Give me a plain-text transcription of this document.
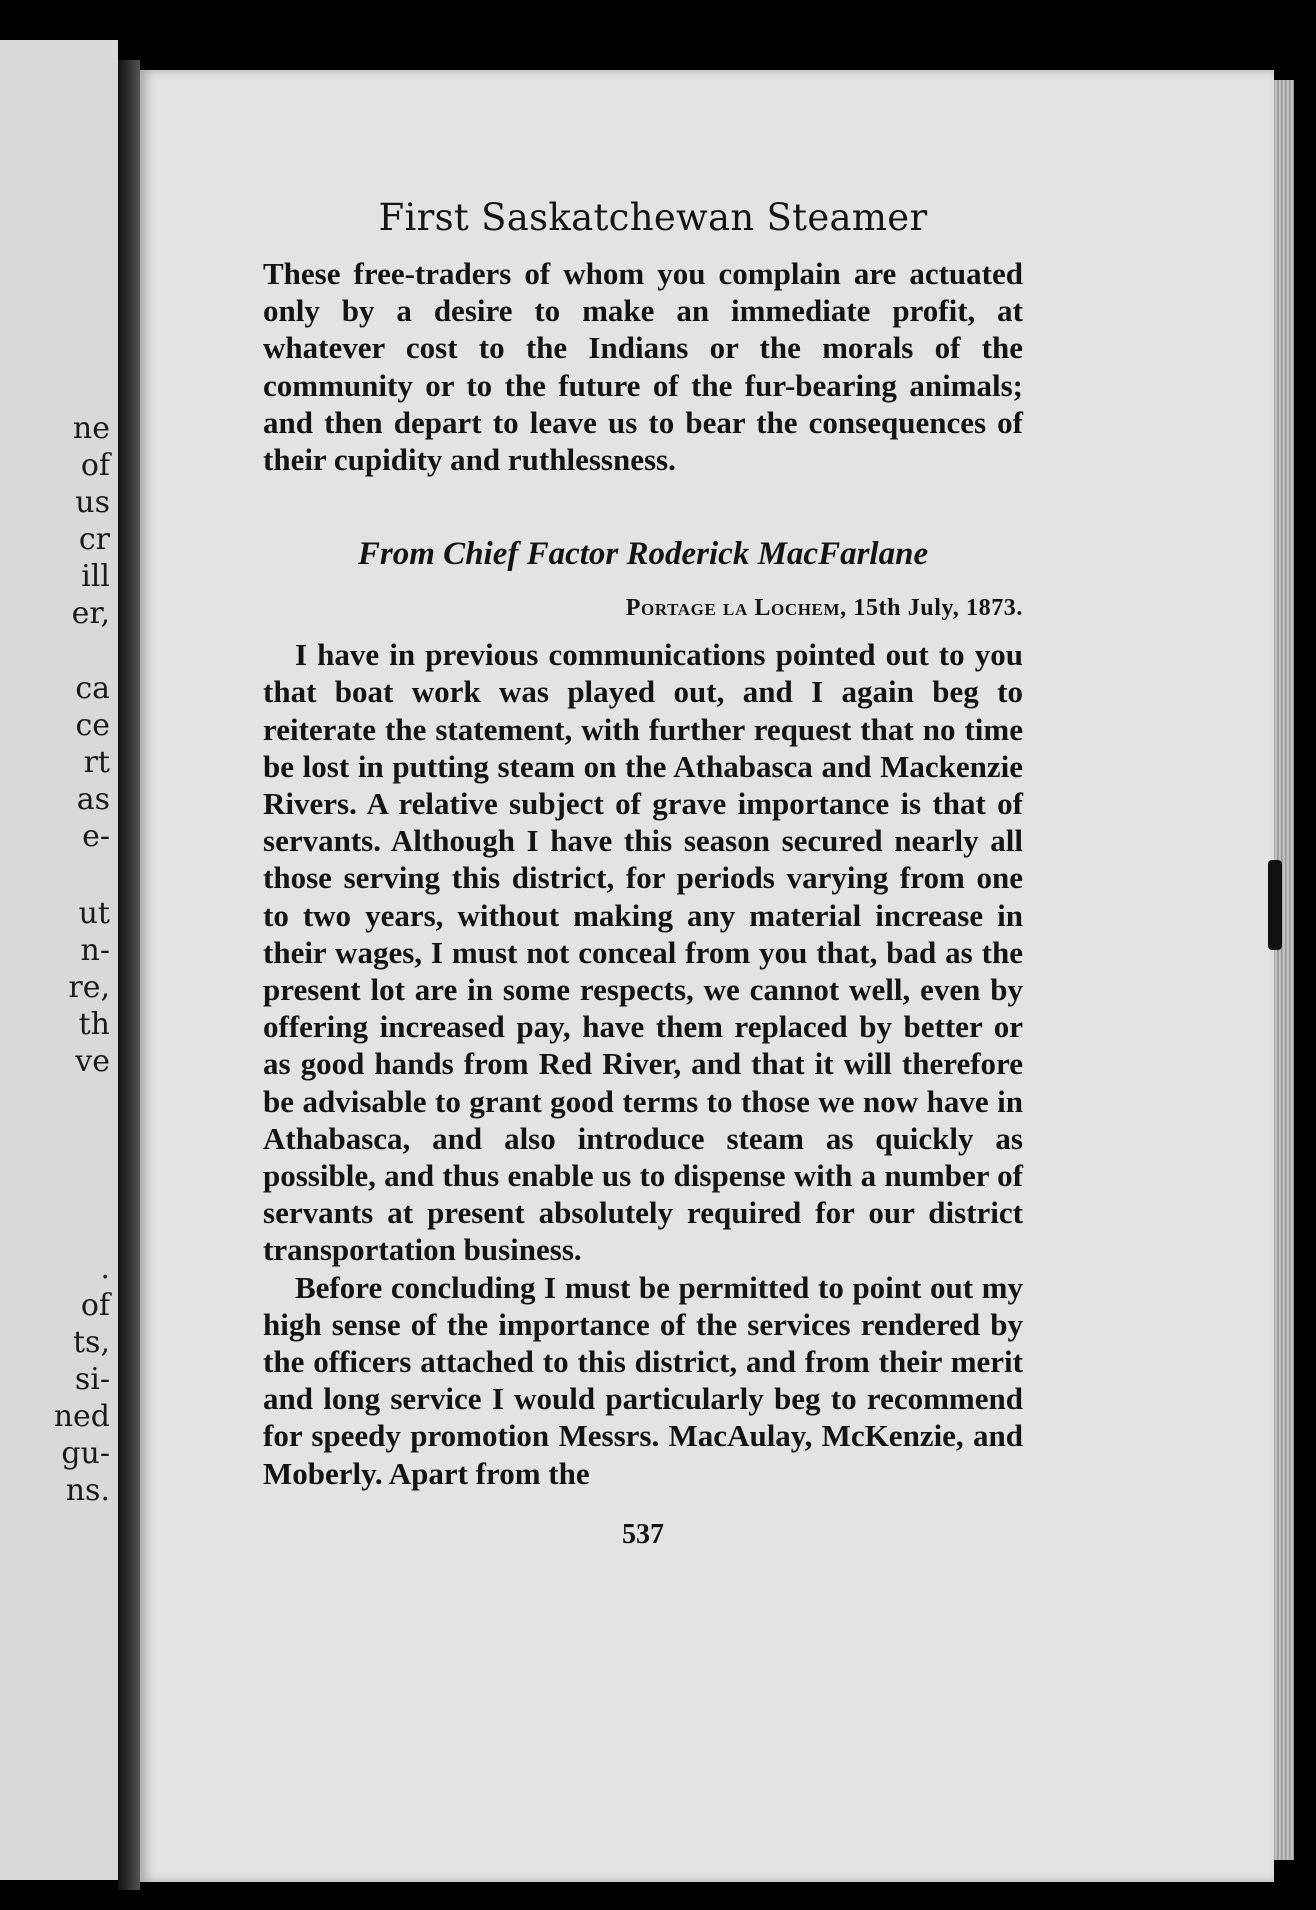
ne
of
us
cr
ill
er,
ca
ce
rt
as
e-
ut
n-
re,
th
ve
.
of
ts,
si-
ned
gu-
ns.
First Saskatchewan Steamer

These free-traders of whom you complain are actuated only by a desire to make an immediate profit, at whatever cost to the Indians or the morals of the community or to the future of the fur-bearing animals; and then depart to leave us to bear the consequences of their cupidity and ruthlessness.

From Chief Factor Roderick MacFarlane
Portage la Lochem, 15th July, 1873.

I have in previous communications pointed out to you that boat work was played out, and I again beg to reiterate the statement, with further request that no time be lost in putting steam on the Athabasca and Mackenzie Rivers. A relative subject of grave importance is that of servants. Although I have this season secured nearly all those serving this district, for periods varying from one to two years, without making any material increase in their wages, I must not conceal from you that, bad as the present lot are in some respects, we cannot well, even by offering increased pay, have them replaced by better or as good hands from Red River, and that it will therefore be advisable to grant good terms to those we now have in Athabasca, and also introduce steam as quickly as possible, and thus enable us to dispense with a number of servants at present absolutely required for our district transportation business.

Before concluding I must be permitted to point out my high sense of the importance of the services rendered by the officers attached to this district, and from their merit and long service I would particularly beg to recommend for speedy promotion Messrs. MacAulay, McKenzie, and Moberly. Apart from the

537
